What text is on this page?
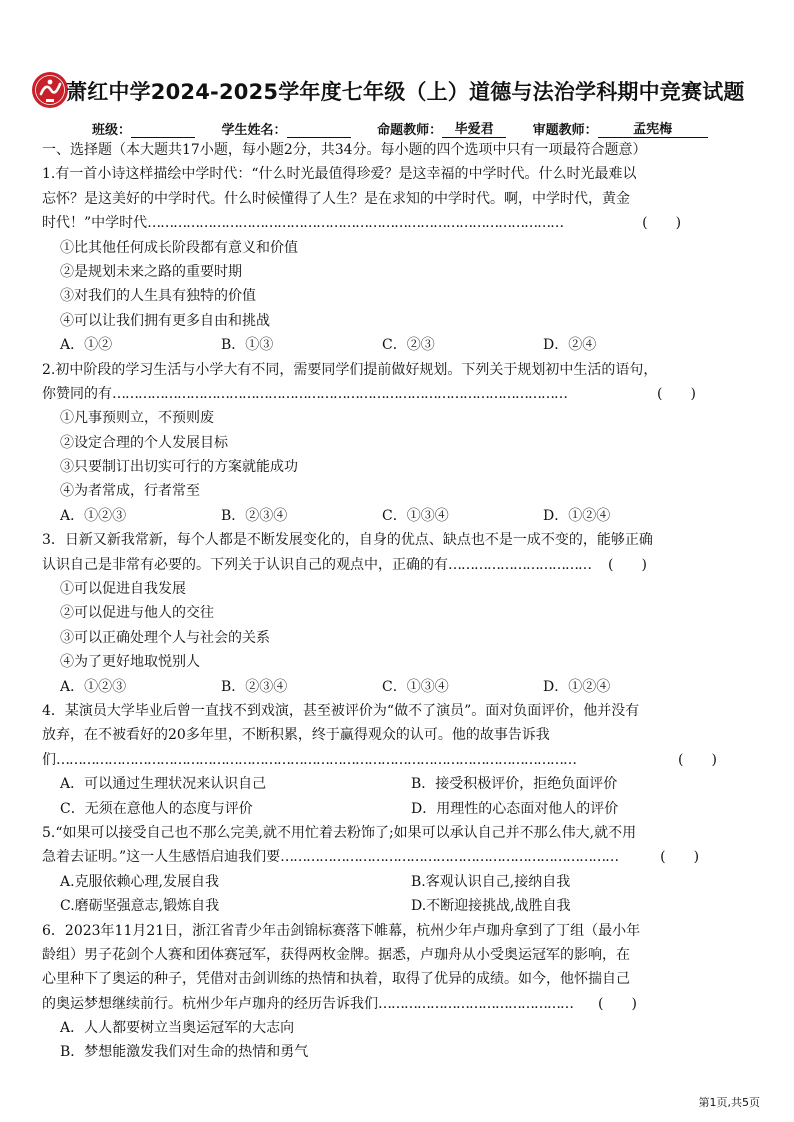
萧红中学2024-2025学年度七年级（上）道德与法治学科期中竞赛试题
班级：	学生姓名：	命题教师： 毕爱君	审题教师：	孟宪梅
一、选择题（本大题共17小题，每小题2分，共34分。每小题的四个选项中只有一项最符合题意）
1.有一首小诗这样描绘中学时代：“什么时光最值得珍爱？是这幸福的中学时代。什么时光最难以
忘怀？是这美好的中学时代。什么时候懂得了人生？是在求知的中学时代。啊，中学时代，黄金
时代！”中学时代……………………………………………………………………………………	(　　)
①比其他任何成长阶段都有意义和价值
②是规划未来之路的重要时期
③对我们的人生具有独特的价值
④可以让我们拥有更多自由和挑战
A．①②	B．①③	C．②③	D．②④
2.初中阶段的学习生活与小学大有不同，需要同学们提前做好规划。下列关于规划初中生活的语句，
你赞同的有……………………………………………………………………………………………	(　　)
①凡事预则立，不预则废
②设定合理的个人发展目标
③只要制订出切实可行的方案就能成功
④为者常成，行者常至
A．①②③	B．②③④	C．①③④	D．①②④
3．日新又新我常新，每个人都是不断发展变化的，自身的优点、缺点也不是一成不变的，能够正确
认识自己是非常有必要的。下列关于认识自己的观点中，正确的有…………………………… (　　)
①可以促进自我发展
②可以促进与他人的交往
③可以正确处理个人与社会的关系
④为了更好地取悦别人
A．①②③	B．②③④	C．①③④	D．①②④
4．某演员大学毕业后曾一直找不到戏演，甚至被评价为“做不了演员”。面对负面评价，他并没有
放弃，在不被看好的20多年里，不断积累，终于赢得观众的认可。他的故事告诉我
们…………………………………………………………………………………………………………	(　　)
A．可以通过生理状况来认识自己	B．接受积极评价，拒绝负面评价
C．无须在意他人的态度与评价	D．用理性的心态面对他人的评价
5.“如果可以接受自己也不那么完美,就不用忙着去粉饰了;如果可以承认自己并不那么伟大,就不用
急着去证明。”这一人生感悟启迪我们要……………………………………………………………………	(　　)
A.克服依赖心理,发展自我	B.客观认识自己,接纳自我
C.磨砺坚强意志,锻炼自我	D.不断迎接挑战,战胜自我
6．2023年11月21日，浙江省青少年击剑锦标赛落下帷幕，杭州少年卢珈舟拿到了丁组（最小年
龄组）男子花剑个人赛和团体赛冠军，获得两枚金牌。据悉，卢珈舟从小受奥运冠军的影响，在
心里种下了奥运的种子，凭借对击剑训练的热情和执着，取得了优异的成绩。如今，他怀揣自己
的奥运梦想继续前行。杭州少年卢珈舟的经历告诉我们……………………………………… (　　)
A．人人都要树立当奥运冠军的大志向
B．梦想能激发我们对生命的热情和勇气
第1页,共5页
